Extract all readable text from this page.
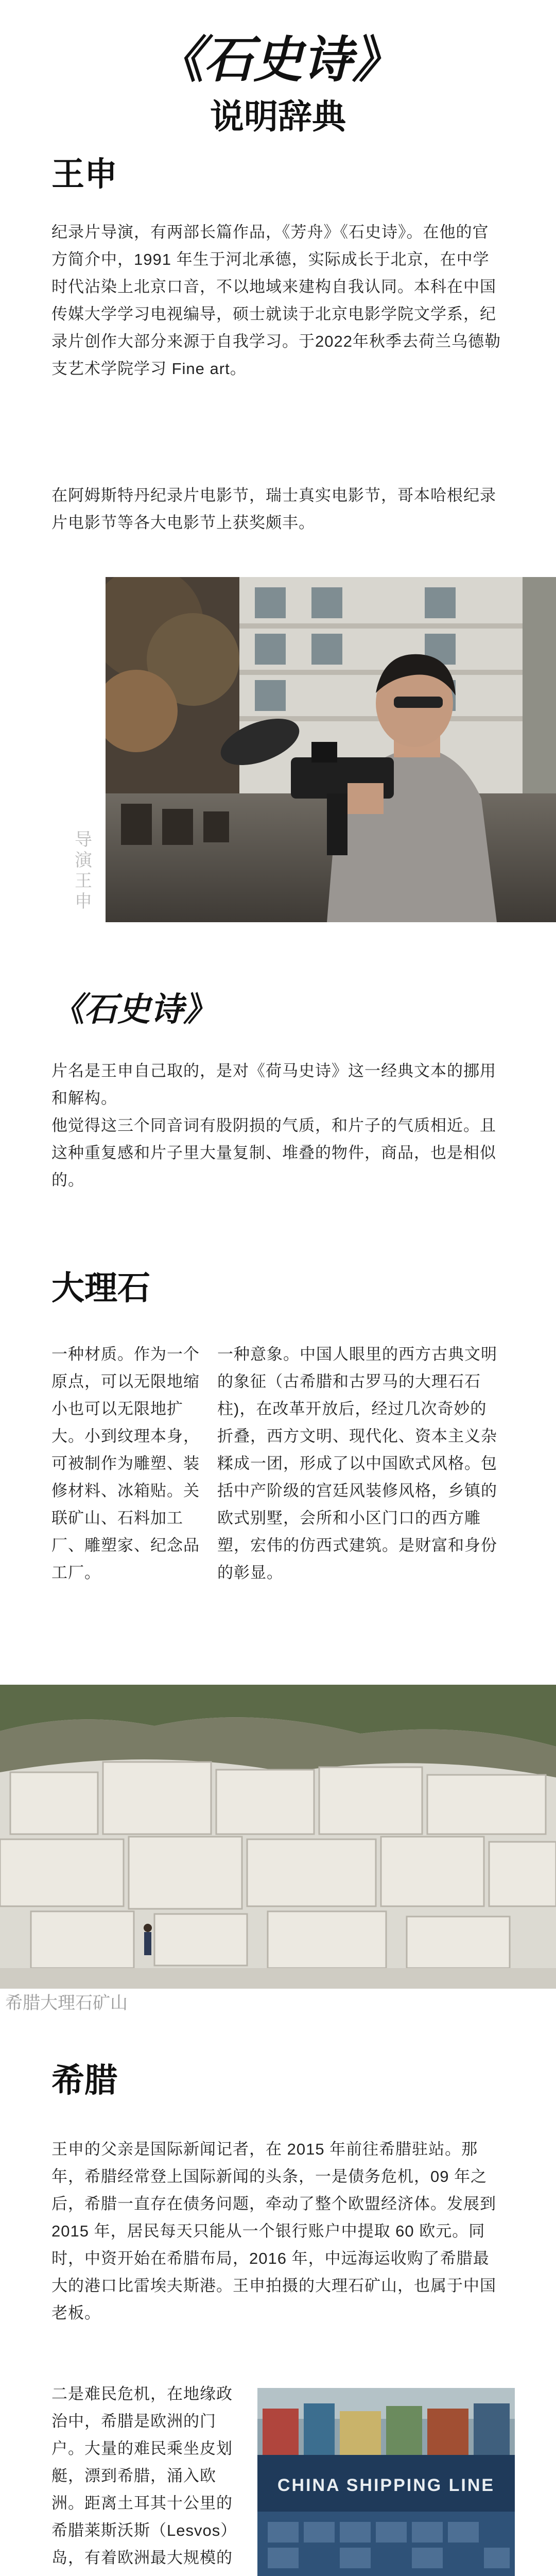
《石史诗》
说明辞典
王申
纪录片导演，有两部长篇作品，《芳舟》《石史诗》。在他的官方简介中，1991 年生于河北承德，实际成长于北京，在中学时代沾染上北京口音，不以地域来建构自我认同。本科在中国传媒大学学习电视编导，硕士就读于北京电影学院文学系，纪录片创作大部分来源于自我学习。于2022年秋季去荷兰乌德勒支艺术学院学习 Fine art。
在阿姆斯特丹纪录片电影节，瑞士真实电影节，哥本哈根纪录片电影节等各大电影节上获奖颇丰。
导演王申
《石史诗》
片名是王申自己取的，是对《荷马史诗》这一经典文本的挪用和解构。
他觉得这三个同音词有股阴损的气质，和片子的气质相近。且这种重复感和片子里大量复制、堆叠的物件，商品，也是相似的。
大理石
一种材质。作为一个原点，可以无限地缩小也可以无限地扩大。小到纹理本身，可被制作为雕塑、装修材料、冰箱贴。关联矿山、石料加工厂、雕塑家、纪念品工厂。
一种意象。中国人眼里的西方古典文明的象征（古希腊和古罗马的大理石石柱)，在改革开放后，经过几次奇妙的折叠，西方文明、现代化、资本主义杂糅成一团，形成了以中国欧式风格。包括中产阶级的宫廷风装修风格，乡镇的欧式别墅，会所和小区门口的西方雕塑，宏伟的仿西式建筑。是财富和身份的彰显。
希腊大理石矿山
希腊
王申的父亲是国际新闻记者，在 2015 年前往希腊驻站。那年，希腊经常登上国际新闻的头条，一是债务危机，09 年之后，希腊一直存在债务问题，牵动了整个欧盟经济体。发展到 2015 年，居民每天只能从一个银行账户中提取 60 欧元。同时，中资开始在希腊布局，2016 年，中远海运收购了希腊最大的港口比雷埃夫斯港。王申拍摄的大理石矿山，也属于中国老板。
二是难民危机，在地缘政治中，希腊是欧洲的门户。大量的难民乘坐皮划艇，漂到希腊，涌入欧洲。距离土耳其十公里的希腊莱斯沃斯（Lesvos）岛，有着欧洲最大规模的
CHINA SHIPPING LINE
